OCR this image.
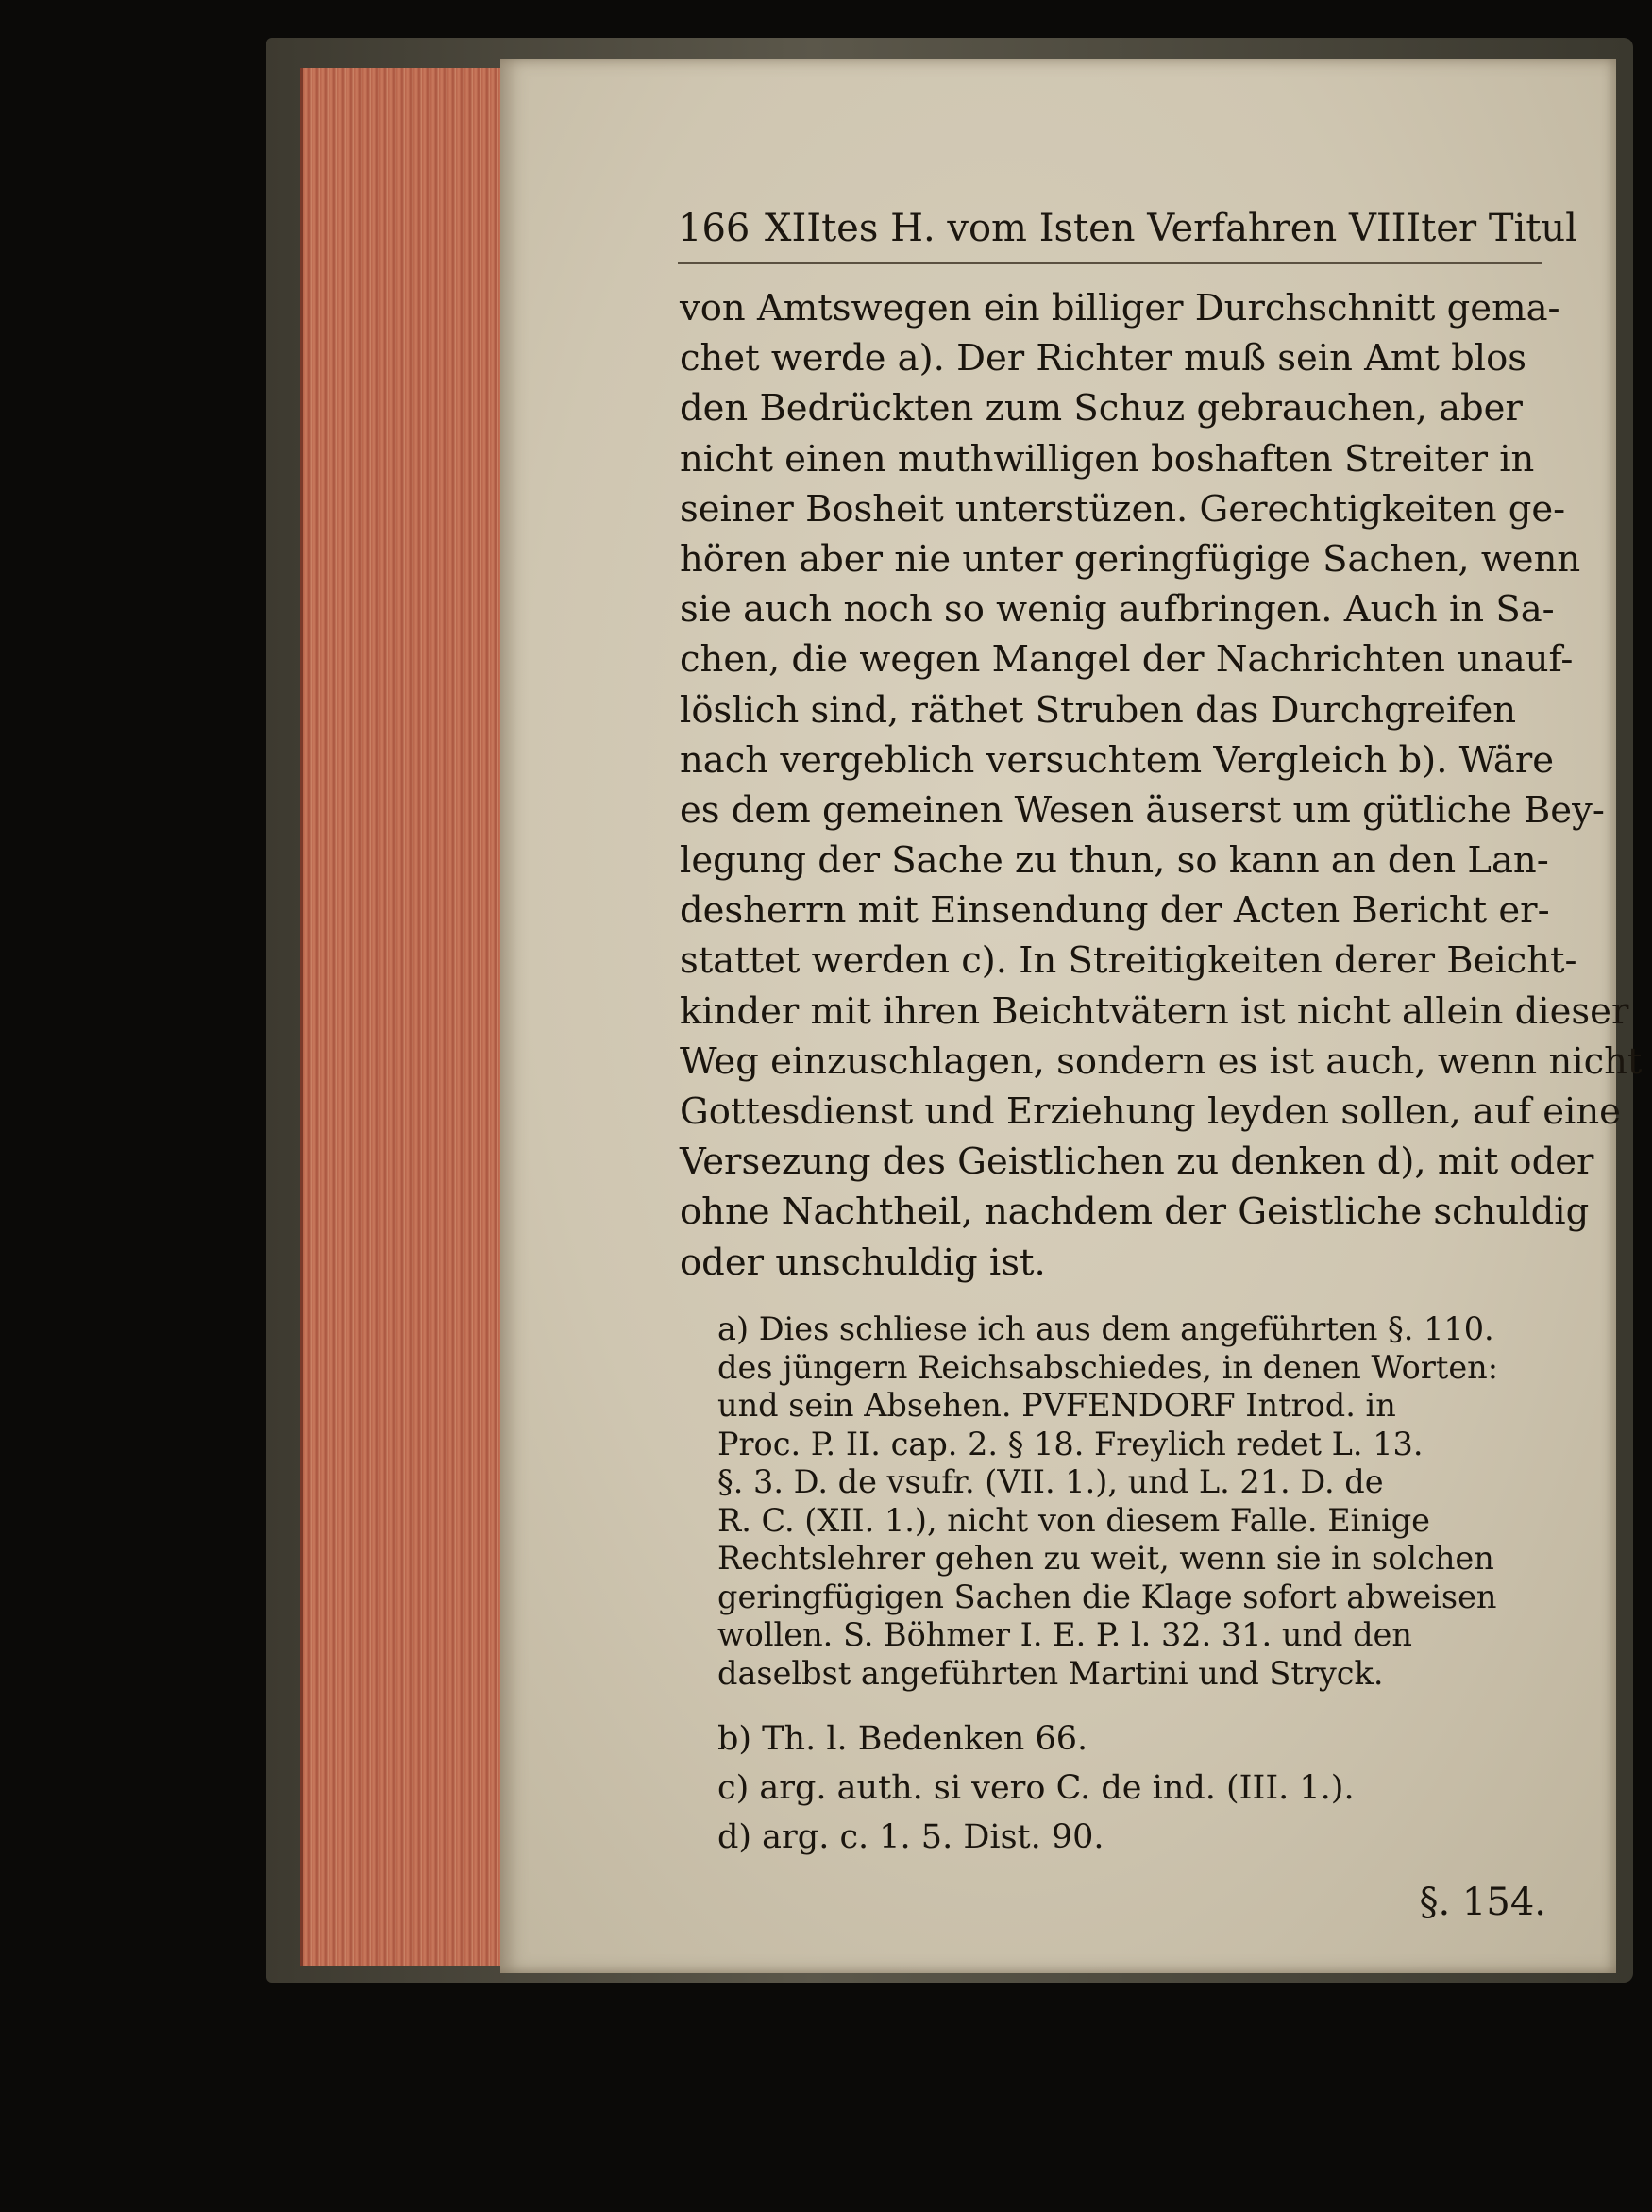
166 XIItes H. vom Isten Verfahren VIIIter Titul
von Amtswegen ein billiger Durchschnitt gema-
chet werde a). Der Richter muß sein Amt blos
den Bedrückten zum Schuz gebrauchen, aber
nicht einen muthwilligen boshaften Streiter in
seiner Bosheit unterstüzen. Gerechtigkeiten ge-
hören aber nie unter geringfügige Sachen, wenn
sie auch noch so wenig aufbringen. Auch in Sa-
chen, die wegen Mangel der Nachrichten unauf-
löslich sind, räthet Struben das Durchgreifen
nach vergeblich versuchtem Vergleich b). Wäre
es dem gemeinen Wesen äuserst um gütliche Bey-
legung der Sache zu thun, so kann an den Lan-
desherrn mit Einsendung der Acten Bericht er-
stattet werden c). In Streitigkeiten derer Beicht-
kinder mit ihren Beichtvätern ist nicht allein dieser
Weg einzuschlagen, sondern es ist auch, wenn nicht
Gottesdienst und Erziehung leyden sollen, auf eine
Versezung des Geistlichen zu denken d), mit oder
ohne Nachtheil, nachdem der Geistliche schuldig
oder unschuldig ist.
a) Dies schliese ich aus dem angeführten §. 110.
des jüngern Reichsabschiedes, in denen Worten:
und sein Absehen. PVFENDORF Introd. in
Proc. P. II. cap. 2. § 18. Freylich redet L. 13.
§. 3. D. de vsufr. (VII. 1.), und L. 21. D. de
R. C. (XII. 1.), nicht von diesem Falle. Einige
Rechtslehrer gehen zu weit, wenn sie in solchen
geringfügigen Sachen die Klage sofort abweisen
wollen. S. Böhmer I. E. P. l. 32. 31. und den
daselbst angeführten Martini und Stryck.
b) Th. l. Bedenken 66.
c) arg. auth. si vero C. de ind. (III. 1.).
d) arg. c. 1. 5. Dist. 90.
§. 154.
